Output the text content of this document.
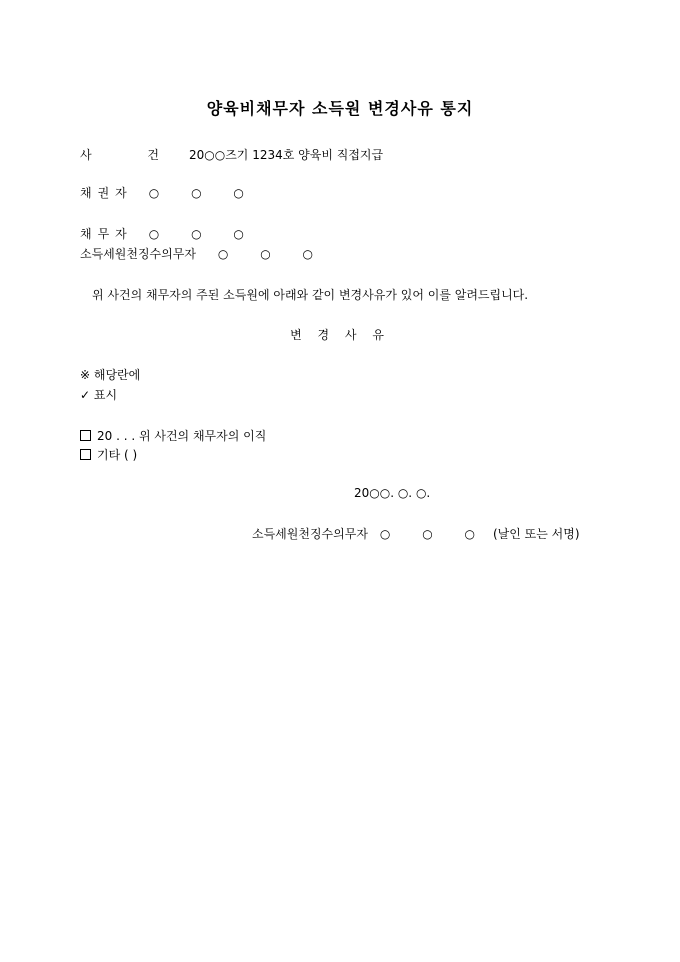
양육비채무자 소득원 변경사유 통지
사 건 20○○즈기 1234호 양육비 직접지급
채권자 ○ ○ ○
채무자 ○ ○ ○
소득세원천징수의무자 ○ ○ ○
위 사건의 채무자의 주된 소득원에 아래와 같이 변경사유가 있어 이를 알려드립니다.
변 경 사 유
※ 해당란에
✓ 표시
20 . . . 위 사건의 채무자의 이직
기타 ( )
20○○. ○. ○.
소득세원천징수의무자 ○ ○ ○ (날인 또는 서명)
